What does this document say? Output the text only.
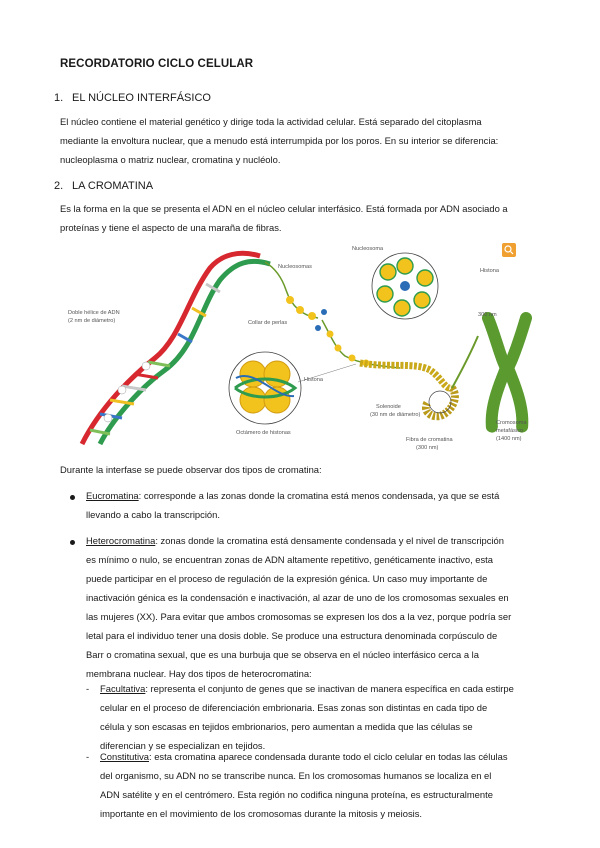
RECORDATORIO CICLO CELULAR
1. EL NÚCLEO INTERFÁSICO
El núcleo contiene el material genético y dirige toda la actividad celular. Está separado del citoplasma
mediante la envoltura nuclear, que a menudo está interrumpida por los poros. En su interior se diferencia:
nucleoplasma o matriz nuclear, cromatina y nucléolo.
2. LA CROMATINA
Es la forma en la que se presenta el ADN en el núcleo celular interfásico. Está formada por ADN asociado a
proteínas y tiene el aspecto de una maraña de fibras.
Nucleosoma
Nucleosomas
Histona
Doble hélice de ADN
(2 nm de diámetro)	Collar de perlas
300 nm
Histona
Solenoide
(30 nm de diámetro)
Octámero de histonas
Fibra de cromatina
(300 nm)
Cromosoma
metafásico
(1400 nm)
Durante la interfase se puede observar dos tipos de cromatina:
Eucromatina: corresponde a las zonas donde la cromatina está menos condensada, ya que se está
llevando a cabo la transcripción.
Heterocromatina: zonas donde la cromatina está densamente condensada y el nivel de transcripción
es mínimo o nulo, se encuentran zonas de ADN altamente repetitivo, genéticamente inactivo, esta
puede participar en el proceso de regulación de la expresión génica. Un caso muy importante de
inactivación génica es la condensación e inactivación, al azar de uno de los cromosomas sexuales en
las mujeres (XX). Para evitar que ambos cromosomas se expresen los dos a la vez, porque podría ser
letal para el individuo tener una dosis doble. Se produce una estructura denominada corpúsculo de
Barr o cromatina sexual, que es una burbuja que se observa en el núcleo interfásico cerca a la
membrana nuclear. Hay dos tipos de heterocromatina:
- Facultativa: representa el conjunto de genes que se inactivan de manera específica en cada estirpe
celular en el proceso de diferenciación embrionaria. Esas zonas son distintas en cada tipo de
célula y son escasas en tejidos embrionarios, pero aumentan a medida que las células se
diferencian y se especializan en tejidos.
- Constitutiva: esta cromatina aparece condensada durante todo el ciclo celular en todas las células
del organismo, su ADN no se transcribe nunca. En los cromosomas humanos se localiza en el
ADN satélite y en el centrómero. Esta región no codifica ninguna proteína, es estructuralmente
importante en el movimiento de los cromosomas durante la mitosis y meiosis.
